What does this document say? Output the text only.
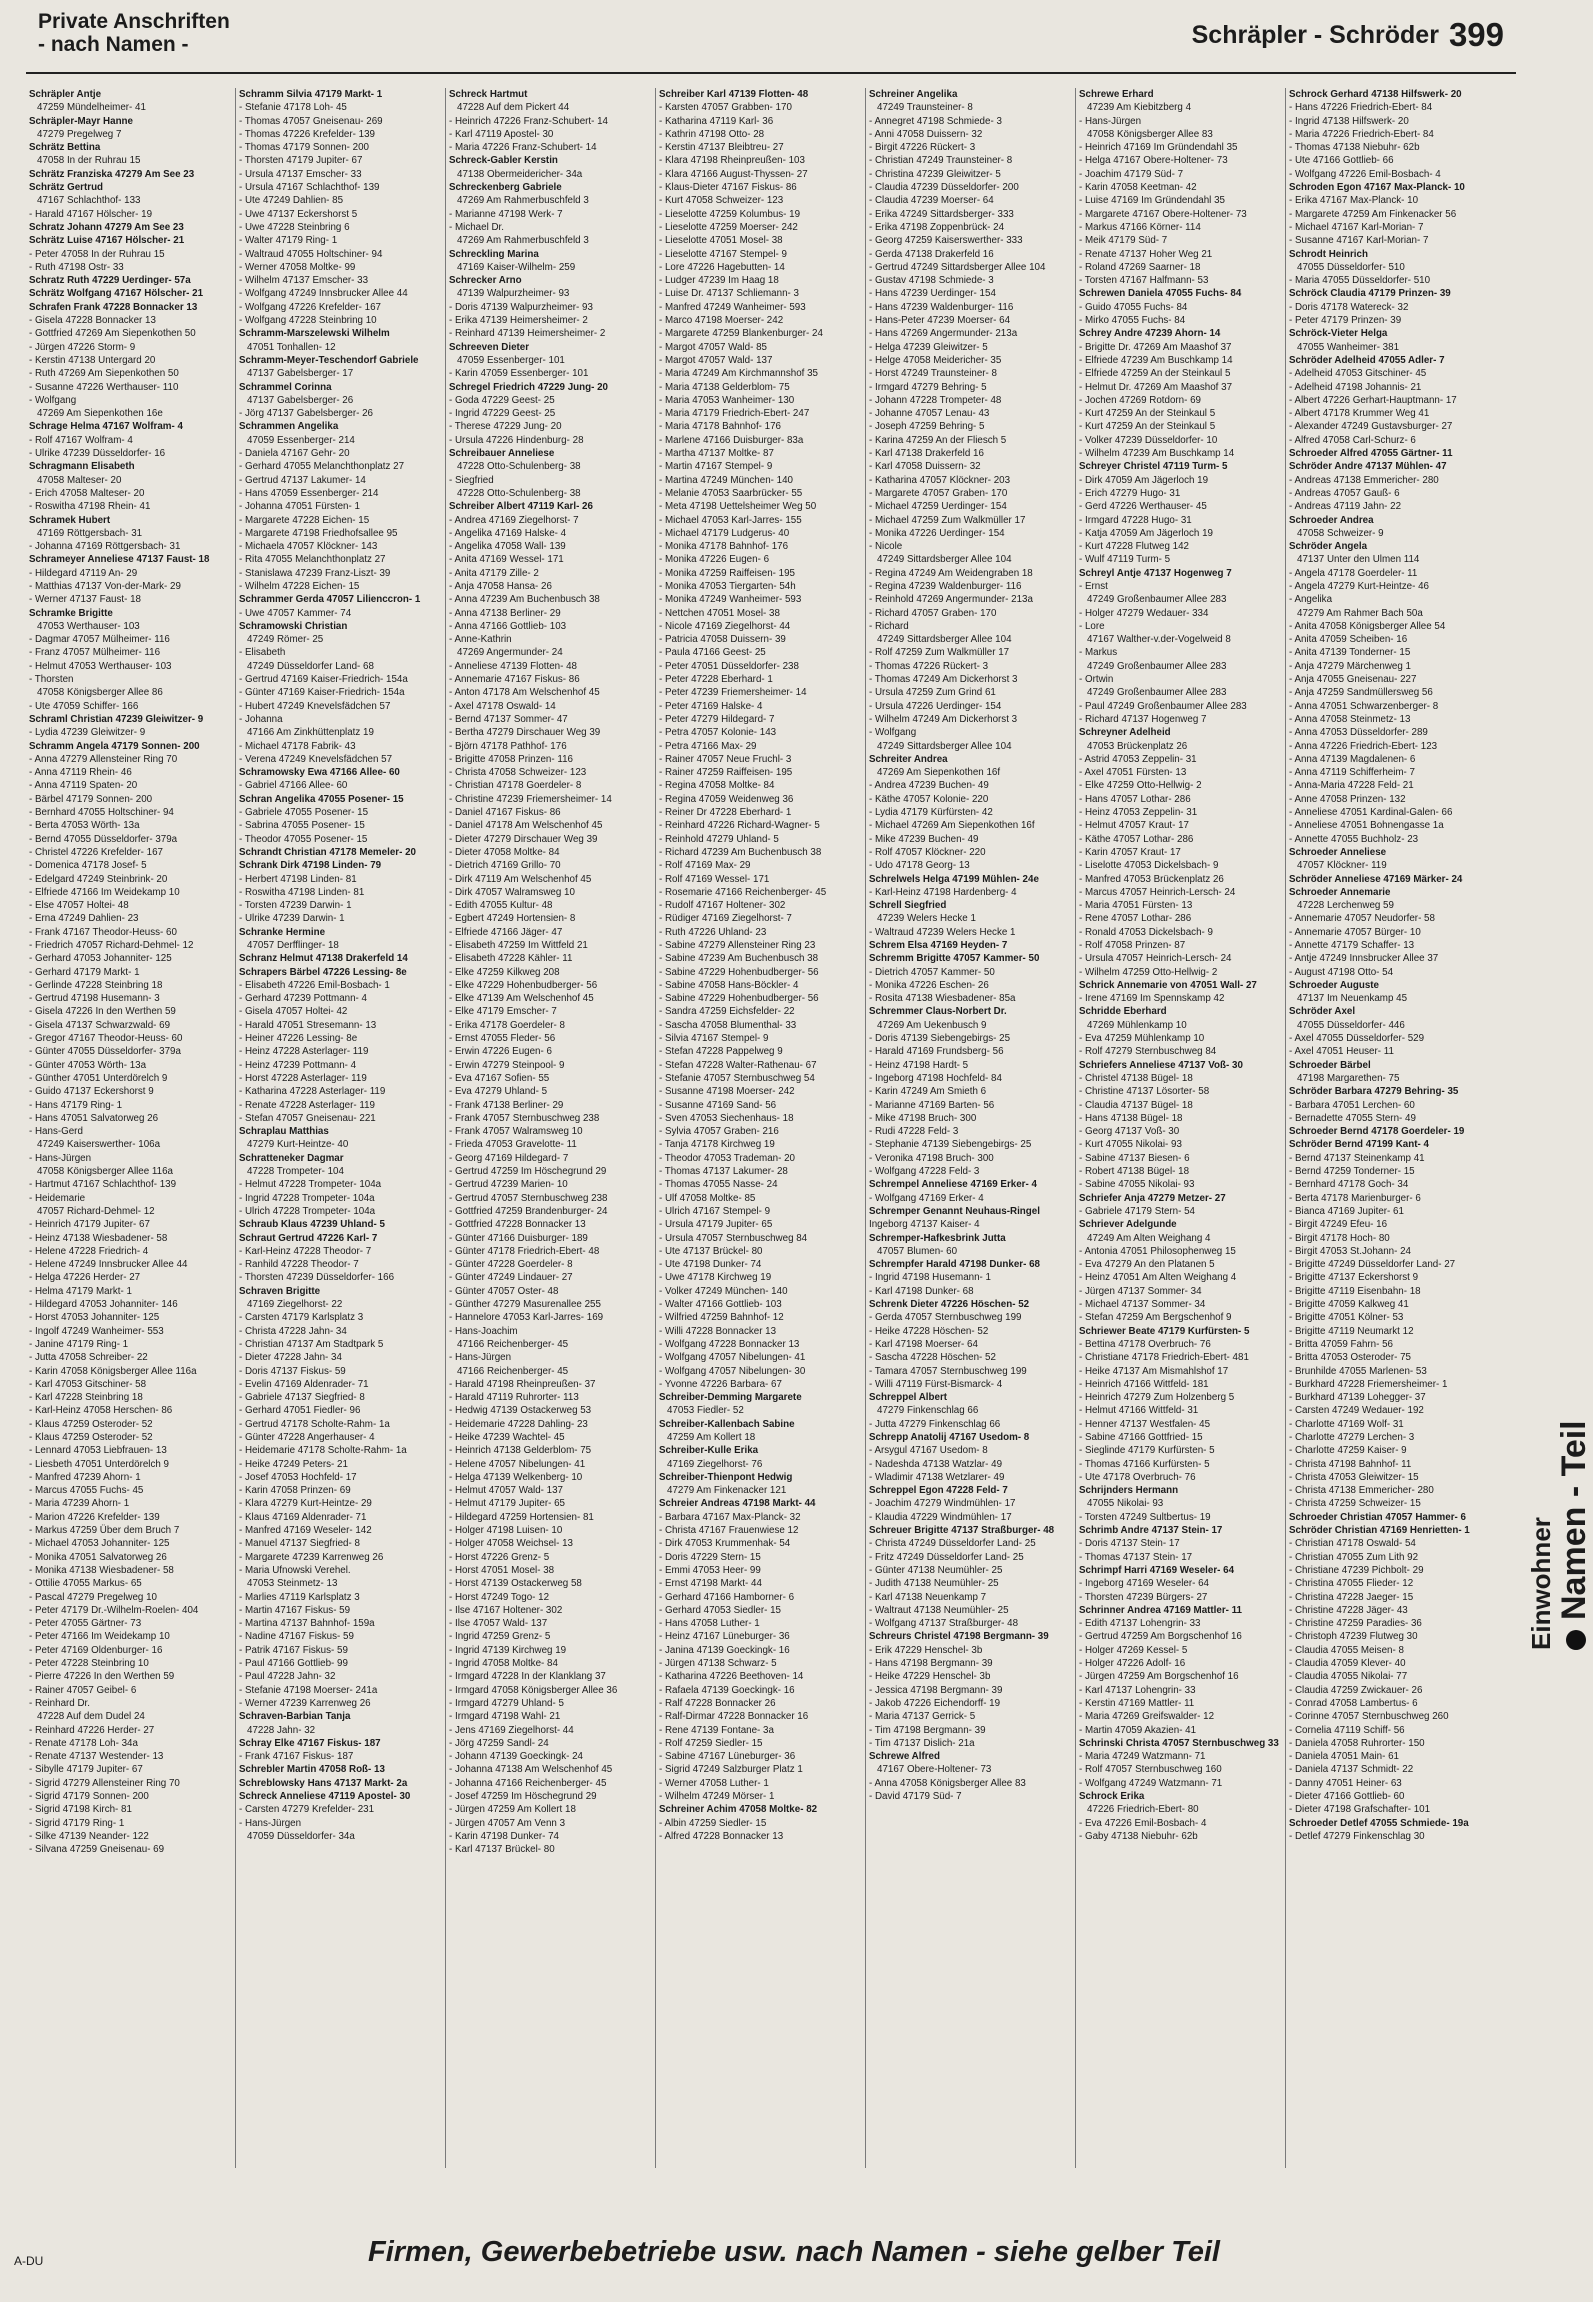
Private Anschriften
- nach Namen -	Schräpler - Schröder 399
Schräpler Antje
47259 Mündelheimer- 41
Schräpler-Mayr Hanne
47279 Pregelweg 7
Schrätz Bettina
47058 In der Ruhrau 15
Schrätz Franziska 47279 Am See 23
Schrätz Gertrud
47167 Schlachthof- 133
- Harald 47167 Hölscher- 19
Schratz Johann 47279 Am See 23
Schrätz Luise 47167 Hölscher- 21
- Peter 47058 In der Ruhrau 15
- Ruth 47198 Ostr- 33
Schratz Ruth 47229 Uerdinger- 57a
Schrätz Wolfgang 47167 Hölscher- 21
Schrafen Frank 47228 Bonnacker 13
- Gisela 47228 Bonnacker 13
- Gottfried 47269 Am Siepenkothen 50
- Jürgen 47226 Storm- 9
- Kerstin 47138 Untergard 20
- Ruth 47269 Am Siepenkothen 50
- Susanne 47226 Werthauser- 110
- Wolfgang
47269 Am Siepenkothen 16e
Schrage Helma 47167 Wolfram- 4
- Rolf 47167 Wolfram- 4
- Ulrike 47239 Düsseldorfer- 16
Schragmann Elisabeth
47058 Malteser- 20
- Erich 47058 Malteser- 20
- Roswitha 47198 Rhein- 41
Schramek Hubert
47169 Röttgersbach- 31
- Johanna 47169 Röttgersbach- 31
Schrameyer Anneliese 47137 Faust- 18
- Hildegard 47119 An- 29
- Matthias 47137 Von-der-Mark- 29
- Werner 47137 Faust- 18
Schramke Brigitte
47053 Werthauser- 103
- Dagmar 47057 Mülheimer- 116
- Franz 47057 Mülheimer- 116
- Helmut 47053 Werthauser- 103
- Thorsten
47058 Königsberger Allee 86
- Ute 47059 Schiffer- 166
Schraml Christian 47239 Gleiwitzer- 9
- Lydia 47239 Gleiwitzer- 9
Schramm Angela 47179 Sonnen- 200
- Anna 47279 Allensteiner Ring 70
- Anna 47119 Rhein- 46
- Anna 47119 Spaten- 20
- Bärbel 47179 Sonnen- 200
- Bernhard 47055 Holtschiner- 94
- Berta 47053 Wörth- 13a
- Bernd 47055 Düsseldorfer- 379a
- Christel 47226 Krefelder- 167
- Domenica 47178 Josef- 5
- Edelgard 47249 Steinbrink- 20
- Elfriede 47166 Im Weidekamp 10
- Else 47057 Holtei- 48
- Erna 47249 Dahlien- 23
- Frank 47167 Theodor-Heuss- 60
- Friedrich 47057 Richard-Dehmel- 12
- Gerhard 47053 Johanniter- 125
- Gerhard 47179 Markt- 1
- Gerlinde 47228 Steinbring 18
- Gertrud 47198 Husemann- 3
- Gisela 47226 In den Werthen 59
- Gisela 47137 Schwarzwald- 69
- Gregor 47167 Theodor-Heuss- 60
- Günter 47055 Düsseldorfer- 379a
- Günter 47053 Wörth- 13a
- Günther 47051 Unterdörelch 9
- Guido 47137 Eckershorst 9
- Hans 47179 Ring- 1
- Hans 47051 Salvatorweg 26
- Hans-Gerd
47249 Kaiserswerther- 106a
- Hans-Jürgen
47058 Königsberger Allee 116a
- Hartmut 47167 Schlachthof- 139
- Heidemarie
47057 Richard-Dehmel- 12
- Heinrich 47179 Jupiter- 67
- Heinz 47138 Wiesbadener- 58
- Helene 47228 Friedrich- 4
- Helene 47249 Innsbrucker Allee 44
- Helga 47226 Herder- 27
- Helma 47179 Markt- 1
- Hildegard 47053 Johanniter- 146
- Horst 47053 Johanniter- 125
- Ingolf 47249 Wanheimer- 553
- Janine 47179 Ring- 1
- Jutta 47058 Schreiber- 22
- Karin 47058 Königsberger Allee 116a
- Karl 47053 Gitschiner- 58
- Karl 47228 Steinbring 18
- Karl-Heinz 47058 Herschen- 86
- Klaus 47259 Osteroder- 52
- Klaus 47259 Osteroder- 52
- Lennard 47053 Liebfrauen- 13
- Liesbeth 47051 Unterdörelch 9
- Manfred 47239 Ahorn- 1
- Marcus 47055 Fuchs- 45
- Maria 47239 Ahorn- 1
- Marion 47226 Krefelder- 139
- Markus 47259 Über dem Bruch 7
- Michael 47053 Johanniter- 125
- Monika 47051 Salvatorweg 26
- Monika 47138 Wiesbadener- 58
- Ottilie 47055 Markus- 65
- Pascal 47279 Pregelweg 10
- Peter 47179 Dr.-Wilhelm-Roelen- 404
- Peter 47055 Gärtner- 73
- Peter 47166 Im Weidekamp 10
- Peter 47169 Oldenburger- 16
- Peter 47228 Steinbring 10
- Pierre 47226 In den Werthen 59
- Rainer 47057 Geibel- 6
- Reinhard Dr.
47228 Auf dem Dudel 24
- Reinhard 47226 Herder- 27
- Renate 47178 Loh- 34a
- Renate 47137 Westender- 13
- Sibylle 47179 Jupiter- 67
- Sigrid 47279 Allensteiner Ring 70
- Sigrid 47179 Sonnen- 200
- Sigrid 47198 Kirch- 81
- Sigrid 47179 Ring- 1
- Silke 47139 Neander- 122
- Silvana 47259 Gneisenau- 69
Schramm Silvia 47179 Markt- 1
- Stefanie 47178 Loh- 45
- Thomas 47057 Gneisenau- 269
- Thomas 47226 Krefelder- 139
- Thomas 47179 Sonnen- 200
- Thorsten 47179 Jupiter- 67
- Ursula 47137 Emscher- 33
- Ursula 47167 Schlachthof- 139
- Ute 47249 Dahlien- 85
- Uwe 47137 Eckershorst 5
- Uwe 47228 Steinbring 6
- Walter 47179 Ring- 1
- Waltraud 47055 Holtschiner- 94
- Werner 47058 Moltke- 99
- Wilhelm 47137 Emscher- 33
- Wolfgang 47249 Innsbrucker Allee 44
- Wolfgang 47226 Krefelder- 167
- Wolfgang 47228 Steinbring 10
Schramm-Marszelewski Wilhelm
47051 Tonhallen- 12
Schramm-Meyer-Teschendorf Gabriele
47137 Gabelsberger- 17
Schrammel Corinna
47137 Gabelsberger- 26
- Jörg 47137 Gabelsberger- 26
Schrammen Angelika
47059 Essenberger- 214
- Daniela 47167 Gehr- 20
- Gerhard 47055 Melanchthonplatz 27
- Gertrud 47137 Lakumer- 14
- Hans 47059 Essenberger- 214
- Johanna 47051 Fürsten- 1
- Margarete 47228 Eichen- 15
- Margarete 47198 Friedhofsallee 95
- Michaela 47057 Klöckner- 143
- Rita 47055 Melanchthonplatz 27
- Stanislawa 47239 Franz-Liszt- 39
- Wilhelm 47228 Eichen- 15
Schrammer Gerda 47057 Lilienccron- 1
- Uwe 47057 Kammer- 74
Schramowski Christian
47249 Römer- 25
- Elisabeth
47249 Düsseldorfer Land- 68
- Gertrud 47169 Kaiser-Friedrich- 154a
- Günter 47169 Kaiser-Friedrich- 154a
- Hubert 47249 Knevelsfädchen 57
- Johanna
47166 Am Zinkhüttenplatz 19
- Michael 47178 Fabrik- 43
- Verena 47249 Knevelsfädchen 57
Schramowsky Ewa 47166 Allee- 60
- Gabriel 47166 Allee- 60
Schran Angelika 47055 Posener- 15
- Gabriele 47055 Posener- 15
- Sabrina 47055 Posener- 15
- Theodor 47055 Posener- 15
Schrandt Christian 47178 Memeler- 20
Schrank Dirk 47198 Linden- 79
- Herbert 47198 Linden- 81
- Roswitha 47198 Linden- 81
- Torsten 47239 Darwin- 1
- Ulrike 47239 Darwin- 1
Schranke Hermine
47057 Derfflinger- 18
Schranz Helmut 47138 Drakerfeld 14
Schrapers Bärbel 47226 Lessing- 8e
- Elisabeth 47226 Emil-Bosbach- 1
- Gerhard 47239 Pottmann- 4
- Gisela 47057 Holtei- 42
- Harald 47051 Stresemann- 13
- Heiner 47226 Lessing- 8e
- Heinz 47228 Asterlager- 119
- Heinz 47239 Pottmann- 4
- Horst 47228 Asterlager- 119
- Katharina 47228 Asterlager- 119
- Renate 47228 Asterlager- 119
- Stefan 47057 Gneisenau- 221
Schraplau Matthias
47279 Kurt-Heintze- 40
Schratteneker Dagmar
47228 Trompeter- 104
- Helmut 47228 Trompeter- 104a
- Ingrid 47228 Trompeter- 104a
- Ulrich 47228 Trompeter- 104a
Schraub Klaus 47239 Uhland- 5
Schraut Gertrud 47226 Karl- 7
- Karl-Heinz 47228 Theodor- 7
- Ranhild 47228 Theodor- 7
- Thorsten 47239 Düsseldorfer- 166
Schraven Brigitte
47169 Ziegelhorst- 22
- Carsten 47179 Karlsplatz 3
- Christa 47228 Jahn- 34
- Christian 47137 Am Stadtpark 5
- Dieter 47228 Jahn- 34
- Doris 47137 Fiskus- 59
- Evelin 47169 Aldenrader- 71
- Gabriele 47137 Siegfried- 8
- Gerhard 47051 Fiedler- 96
- Gertrud 47178 Scholte-Rahm- 1a
- Günter 47228 Angerhauser- 4
- Heidemarie 47178 Scholte-Rahm- 1a
- Heike 47249 Peters- 21
- Josef 47053 Hochfeld- 17
- Karin 47058 Prinzen- 69
- Klara 47279 Kurt-Heintze- 29
- Klaus 47169 Aldenrader- 71
- Manfred 47169 Weseler- 142
- Manuel 47137 Siegfried- 8
- Margarete 47239 Karrenweg 26
- Maria Ufnowski Verehel.
47053 Steinmetz- 13
- Marlies 47119 Karlsplatz 3
- Martin 47167 Fiskus- 59
- Martina 47137 Bahnhof- 159a
- Nadine 47167 Fiskus- 59
- Patrik 47167 Fiskus- 59
- Paul 47166 Gottlieb- 99
- Paul 47228 Jahn- 32
- Stefanie 47198 Moerser- 241a
- Werner 47239 Karrenweg 26
Schraven-Barbian Tanja
47228 Jahn- 32
Schray Elke 47167 Fiskus- 187
- Frank 47167 Fiskus- 187
Schrebler Martin 47058 Roß- 13
Schreblowsky Hans 47137 Markt- 2a
Schreck Anneliese 47119 Apostel- 30
- Carsten 47279 Krefelder- 231
- Hans-Jürgen
47059 Düsseldorfer- 34a
Schreck Hartmut
47228 Auf dem Pickert 44
- Heinrich 47226 Franz-Schubert- 14
- Karl 47119 Apostel- 30
- Maria 47226 Franz-Schubert- 14
Schreck-Gabler Kerstin
47138 Obermeidericher- 34a
Schreckenberg Gabriele
47269 Am Rahmerbuschfeld 3
- Marianne 47198 Werk- 7
- Michael Dr.
47269 Am Rahmerbuschfeld 3
Schreckling Marina
47169 Kaiser-Wilhelm- 259
Schrecker Arno
47139 Walpurzheimer- 93
- Doris 47139 Walpurzheimer- 93
- Erika 47139 Heimersheimer- 2
- Reinhard 47139 Heimersheimer- 2
Schreeven Dieter
47059 Essenberger- 101
- Karin 47059 Essenberger- 101
Schregel Friedrich 47229 Jung- 20
- Goda 47229 Geest- 25
- Ingrid 47229 Geest- 25
- Therese 47229 Jung- 20
- Ursula 47226 Hindenburg- 28
Schreibauer Anneliese
47228 Otto-Schulenberg- 38
- Siegfried
47228 Otto-Schulenberg- 38
Schreiber Albert 47119 Karl- 26
- Andrea 47169 Ziegelhorst- 7
- Angelika 47169 Halske- 4
- Angelika 47058 Wall- 139
- Anita 47169 Wessel- 171
- Anita 47179 Zille- 2
- Anja 47058 Hansa- 26
- Anna 47239 Am Buchenbusch 38
- Anna 47138 Berliner- 29
- Anna 47166 Gottlieb- 103
- Anne-Kathrin
47269 Angermunder- 24
- Anneliese 47139 Flotten- 48
- Annemarie 47167 Fiskus- 86
- Anton 47178 Am Welschenhof 45
- Axel 47178 Oswald- 14
- Bernd 47137 Sommer- 47
- Bertha 47279 Dirschauer Weg 39
- Björn 47178 Pathhof- 176
- Brigitte 47058 Prinzen- 116
- Christa 47058 Schweizer- 123
- Christian 47178 Goerdeler- 8
- Christine 47239 Friemersheimer- 14
- Daniel 47167 Fiskus- 86
- Daniel 47178 Am Welschenhof 45
- Dieter 47279 Dirschauer Weg 39
- Dieter 47058 Moltke- 84
- Dietrich 47169 Grillo- 70
- Dirk 47119 Am Welschenhof 45
- Dirk 47057 Walramsweg 10
- Edith 47055 Kultur- 48
- Egbert 47249 Hortensien- 8
- Elfriede 47166 Jäger- 47
- Elisabeth 47259 Im Wittfeld 21
- Elisabeth 47228 Kähler- 11
- Elke 47259 Kilkweg 208
- Elke 47229 Hohenbudberger- 56
- Elke 47139 Am Welschenhof 45
- Elke 47179 Emscher- 7
- Erika 47178 Goerdeler- 8
- Ernst 47055 Fleder- 56
- Erwin 47226 Eugen- 6
- Erwin 47279 Steinpool- 9
- Eva 47167 Sofien- 55
- Eva 47279 Uhland- 5
- Frank 47138 Berliner- 29
- Frank 47057 Sternbuschweg 238
- Frank 47057 Walramsweg 10
- Frieda 47053 Gravelotte- 11
- Georg 47169 Hildegard- 7
- Gertrud 47259 Im Höschegrund 29
- Gertrud 47239 Marien- 10
- Gertrud 47057 Sternbuschweg 238
- Gottfried 47259 Brandenburger- 24
- Gottfried 47228 Bonnacker 13
- Günter 47166 Duisburger- 189
- Günter 47178 Friedrich-Ebert- 48
- Günter 47228 Goerdeler- 8
- Günter 47249 Lindauer- 27
- Günter 47057 Oster- 48
- Günther 47279 Masurenallee 255
- Hannelore 47053 Karl-Jarres- 169
- Hans-Joachim
47166 Reichenberger- 45
- Hans-Jürgen
47166 Reichenberger- 45
- Harald 47198 Rheinpreußen- 37
- Harald 47119 Ruhrorter- 113
- Hedwig 47139 Ostackerweg 53
- Heidemarie 47228 Dahling- 23
- Heike 47239 Wachtel- 45
- Heinrich 47138 Gelderblom- 75
- Helene 47057 Nibelungen- 41
- Helga 47139 Welkenberg- 10
- Helmut 47057 Wald- 137
- Helmut 47179 Jupiter- 65
- Hildegard 47259 Hortensien- 81
- Holger 47198 Luisen- 10
- Holger 47058 Weichsel- 13
- Horst 47226 Grenz- 5
- Horst 47051 Mosel- 38
- Horst 47139 Ostackerweg 58
- Horst 47249 Togo- 12
- Ilse 47167 Holtener- 302
- Ilse 47057 Wald- 137
- Ingrid 47259 Grenz- 5
- Ingrid 47139 Kirchweg 19
- Ingrid 47058 Moltke- 84
- Irmgard 47228 In der Klanklang 37
- Irmgard 47058 Königsberger Allee 36
- Irmgard 47279 Uhland- 5
- Irmgard 47198 Wahl- 21
- Jens 47169 Ziegelhorst- 44
- Jörg 47259 Sandl- 24
- Johann 47139 Goeckingk- 24
- Johanna 47138 Am Welschenhof 45
- Johanna 47166 Reichenberger- 45
- Josef 47259 Im Höschegrund 29
- Jürgen 47259 Am Kollert 18
- Jürgen 47057 Am Venn 3
- Karin 47198 Dunker- 74
- Karl 47137 Brückel- 80
Schreiber Karl 47139 Flotten- 48
- Karsten 47057 Grabben- 170
- Katharina 47119 Karl- 36
- Kathrin 47198 Otto- 28
- Kerstin 47137 Bleibtreu- 27
- Klara 47198 Rheinpreußen- 103
- Klara 47166 August-Thyssen- 27
- Klaus-Dieter 47167 Fiskus- 86
- Kurt 47058 Schweizer- 123
- Lieselotte 47259 Kolumbus- 19
- Lieselotte 47259 Moerser- 242
- Lieselotte 47051 Mosel- 38
- Lieselotte 47167 Stempel- 9
- Lore 47226 Hagebutten- 14
- Ludger 47239 Im Haag 18
- Luise Dr. 47137 Schliemann- 3
- Manfred 47249 Wanheimer- 593
- Marco 47198 Moerser- 242
- Margarete 47259 Blankenburger- 24
- Margot 47057 Wald- 85
- Margot 47057 Wald- 137
- Maria 47249 Am Kirchmannshof 35
- Maria 47138 Gelderblom- 75
- Maria 47053 Wanheimer- 130
- Maria 47179 Friedrich-Ebert- 247
- Maria 47178 Bahnhof- 176
- Marlene 47166 Duisburger- 83a
- Martha 47137 Moltke- 87
- Martin 47167 Stempel- 9
- Martina 47249 München- 140
- Melanie 47053 Saarbrücker- 55
- Meta 47198 Uettelsheimer Weg 50
- Michael 47053 Karl-Jarres- 155
- Michael 47179 Ludgerus- 40
- Monika 47178 Bahnhof- 176
- Monika 47226 Eugen- 6
- Monika 47259 Raiffeisen- 195
- Monika 47053 Tiergarten- 54h
- Monika 47249 Wanheimer- 593
- Nettchen 47051 Mosel- 38
- Nicole 47169 Ziegelhorst- 44
- Patricia 47058 Duissern- 39
- Paula 47166 Geest- 25
- Peter 47051 Düsseldorfer- 238
- Peter 47228 Eberhard- 1
- Peter 47239 Friemersheimer- 14
- Peter 47169 Halske- 4
- Peter 47279 Hildegard- 7
- Petra 47057 Kolonie- 143
- Petra 47166 Max- 29
- Rainer 47057 Neue Fruchl- 3
- Rainer 47259 Raiffeisen- 195
- Regina 47058 Moltke- 84
- Regina 47059 Weidenweg 36
- Reiner Dr 47228 Eberhard- 1
- Reinhard 47226 Richard-Wagner- 5
- Reinhold 47279 Uhland- 5
- Richard 47239 Am Buchenbusch 38
- Rolf 47169 Max- 29
- Rolf 47169 Wessel- 171
- Rosemarie 47166 Reichenberger- 45
- Rudolf 47167 Holtener- 302
- Rüdiger 47169 Ziegelhorst- 7
- Ruth 47226 Uhland- 23
- Sabine 47279 Allensteiner Ring 23
- Sabine 47239 Am Buchenbusch 38
- Sabine 47229 Hohenbudberger- 56
- Sabine 47058 Hans-Böckler- 4
- Sabine 47229 Hohenbudberger- 56
- Sandra 47259 Eichsfelder- 22
- Sascha 47058 Blumenthal- 33
- Silvia 47167 Stempel- 9
- Stefan 47228 Pappelweg 9
- Stefan 47228 Walter-Rathenau- 67
- Stefanie 47057 Sternbuschweg 54
- Susanne 47198 Moerser- 242
- Susanne 47169 Sand- 56
- Sven 47053 Siechenhaus- 18
- Sylvia 47057 Graben- 216
- Tanja 47178 Kirchweg 19
- Theodor 47053 Trademan- 20
- Thomas 47137 Lakumer- 28
- Thomas 47055 Nasse- 24
- Ulf 47058 Moltke- 85
- Ulrich 47167 Stempel- 9
- Ursula 47179 Jupiter- 65
- Ursula 47057 Sternbuschweg 84
- Ute 47137 Brückel- 80
- Ute 47198 Dunker- 74
- Uwe 47178 Kirchweg 19
- Volker 47249 München- 140
- Walter 47166 Gottlieb- 103
- Wilfried 47259 Bahnhof- 12
- Willi 47228 Bonnacker 13
- Wolfgang 47228 Bonnacker 13
- Wolfgang 47057 Nibelungen- 41
- Wolfgang 47057 Nibelungen- 30
- Yvonne 47226 Barbara- 67
Schreiber-Demming Margarete
47053 Fiedler- 52
Schreiber-Kallenbach Sabine
47259 Am Kollert 18
Schreiber-Kulle Erika
47169 Ziegelhorst- 76
Schreiber-Thienpont Hedwig
47279 Am Finkenacker 121
Schreier Andreas 47198 Markt- 44
- Barbara 47167 Max-Planck- 32
- Christa 47167 Frauenwiese 12
- Dirk 47053 Krummenhak- 54
- Doris 47229 Stern- 15
- Emmi 47053 Heer- 99
- Ernst 47198 Markt- 44
- Gerhard 47166 Hamborner- 6
- Gerhard 47053 Siedler- 15
- Hans 47058 Luther- 1
- Heinz 47167 Lüneburger- 36
- Janina 47139 Goeckingk- 16
- Jürgen 47138 Schwarz- 5
- Katharina 47226 Beethoven- 14
- Rafaela 47139 Goeckingk- 16
- Ralf 47228 Bonnacker 26
- Ralf-Dirmar 47228 Bonnacker 16
- Rene 47139 Fontane- 3a
- Rolf 47259 Siedler- 15
- Sabine 47167 Lüneburger- 36
- Sigrid 47249 Salzburger Platz 1
- Werner 47058 Luther- 1
- Wilhelm 47249 Mörser- 1
Schreiner Achim 47058 Moltke- 82
- Albin 47259 Siedler- 15
- Alfred 47228 Bonnacker 13
Schreiner Angelika
47249 Traunsteiner- 8
- Annegret 47198 Schmiede- 3
- Anni 47058 Duissern- 32
- Birgit 47226 Rückert- 3
- Christian 47249 Traunsteiner- 8
- Christina 47239 Gleiwitzer- 5
- Claudia 47239 Düsseldorfer- 200
- Claudia 47239 Moerser- 64
- Erika 47249 Sittardsberger- 333
- Erika 47198 Zoppenbrück- 24
- Georg 47259 Kaiserswerther- 333
- Gerda 47138 Drakerfeld 16
- Gertrud 47249 Sittardsberger Allee 104
- Gustav 47198 Schmiede- 3
- Hans 47239 Uerdinger- 154
- Hans 47239 Waldenburger- 116
- Hans-Peter 47239 Moerser- 64
- Hans 47269 Angermunder- 213a
- Helga 47239 Gleiwitzer- 5
- Helge 47058 Meidericher- 35
- Horst 47249 Traunsteiner- 8
- Irmgard 47279 Behring- 5
- Johann 47228 Trompeter- 48
- Johanne 47057 Lenau- 43
- Joseph 47259 Behring- 5
- Karina 47259 An der Fliesch 5
- Karl 47138 Drakerfeld 16
- Karl 47058 Duissern- 32
- Katharina 47057 Klöckner- 203
- Margarete 47057 Graben- 170
- Michael 47259 Uerdinger- 154
- Michael 47259 Zum Walkmüller 17
- Monika 47226 Uerdinger- 154
- Nicole
47249 Sittardsberger Allee 104
- Regina 47249 Am Weidengraben 18
- Regina 47239 Waldenburger- 116
- Reinhold 47269 Angermunder- 213a
- Richard 47057 Graben- 170
- Richard
47249 Sittardsberger Allee 104
- Rolf 47259 Zum Walkmüller 17
- Thomas 47226 Rückert- 3
- Thomas 47249 Am Dickerhorst 3
- Ursula 47259 Zum Grind 61
- Ursula 47226 Uerdinger- 154
- Wilhelm 47249 Am Dickerhorst 3
- Wolfgang
47249 Sittardsberger Allee 104
Schreiter Andrea
47269 Am Siepenkothen 16f
- Andrea 47239 Buchen- 49
- Käthe 47057 Kolonie- 220
- Lydia 47179 Kürfürsten- 42
- Michael 47269 Am Siepenkothen 16f
- Mike 47239 Buchen- 49
- Rolf 47057 Klöckner- 220
- Udo 47178 Georg- 13
Schrelwels Helga 47199 Mühlen- 24e
- Karl-Heinz 47198 Hardenberg- 4
Schrell Siegfried
47239 Welers Hecke 1
- Waltraud 47239 Welers Hecke 1
Schrem Elsa 47169 Heyden- 7
Schremm Brigitte 47057 Kammer- 50
- Dietrich 47057 Kammer- 50
- Monika 47226 Eschen- 26
- Rosita 47138 Wiesbadener- 85a
Schremmer Claus-Norbert Dr.
47269 Am Uekenbusch 9
- Doris 47139 Siebengebirgs- 25
- Harald 47169 Frundsberg- 56
- Heinz 47198 Hardt- 5
- Ingeborg 47198 Hochfeld- 84
- Karin 47249 Am Smieth 6
- Marianne 47169 Barten- 56
- Mike 47198 Bruch- 300
- Rudi 47228 Feld- 3
- Stephanie 47139 Siebengebirgs- 25
- Veronika 47198 Bruch- 300
- Wolfgang 47228 Feld- 3
Schrempel Anneliese 47169 Erker- 4
- Wolfgang 47169 Erker- 4
Schremper Genannt Neuhaus-Ringel
Ingeborg 47137 Kaiser- 4
Schremper-Hafkesbrink Jutta
47057 Blumen- 60
Schrempfer Harald 47198 Dunker- 68
- Ingrid 47198 Husemann- 1
- Karl 47198 Dunker- 68
Schrenk Dieter 47226 Höschen- 52
- Gerda 47057 Sternbuschweg 199
- Heike 47228 Höschen- 52
- Karl 47198 Moerser- 64
- Sascha 47228 Höschen- 52
- Tamara 47057 Sternbuschweg 199
- Willi 47119 Fürst-Bismarck- 4
Schreppel Albert
47279 Finkenschlag 66
- Jutta 47279 Finkenschlag 66
Schrepp Anatolij 47167 Usedom- 8
- Arsygul 47167 Usedom- 8
- Nadeshda 47138 Watzlar- 49
- Wladimir 47138 Wetzlarer- 49
Schreppel Egon 47228 Feld- 7
- Joachim 47279 Windmühlen- 17
- Klaudia 47229 Windmühlen- 17
Schreuer Brigitte 47137 Straßburger- 48
- Christa 47249 Düsseldorfer Land- 25
- Fritz 47249 Düsseldorfer Land- 25
- Günter 47138 Neumühler- 25
- Judith 47138 Neumühler- 25
- Karl 47138 Neuenkamp 7
- Waltraut 47138 Neumühler- 25
- Wolfgang 47137 Straßburger- 48
Schreurs Christel 47198 Bergmann- 39
- Erik 47229 Henschel- 3b
- Hans 47198 Bergmann- 39
- Heike 47229 Henschel- 3b
- Jessica 47198 Bergmann- 39
- Jakob 47226 Eichendorff- 19
- Maria 47137 Gerrick- 5
- Tim 47198 Bergmann- 39
- Tim 47137 Dislich- 21a
Schrewe Alfred
47167 Obere-Holtener- 73
- Anna 47058 Königsberger Allee 83
- David 47179 Süd- 7
Schrewe Erhard
47239 Am Kiebitzberg 4
- Hans-Jürgen
47058 Königsberger Allee 83
- Heinrich 47169 Im Gründendahl 35
- Helga 47167 Obere-Holtener- 73
- Joachim 47179 Süd- 7
- Karin 47058 Keetman- 42
- Luise 47169 Im Gründendahl 35
- Margarete 47167 Obere-Holtener- 73
- Markus 47166 Körner- 114
- Meik 47179 Süd- 7
- Renate 47137 Hoher Weg 21
- Roland 47269 Saarner- 18
- Torsten 47167 Halfmann- 53
Schrewen Daniela 47055 Fuchs- 84
- Guido 47055 Fuchs- 84
- Mirko 47055 Fuchs- 84
Schrey Andre 47239 Ahorn- 14
- Brigitte Dr. 47269 Am Maashof 37
- Elfriede 47239 Am Buschkamp 14
- Elfriede 47259 An der Steinkaul 5
- Helmut Dr. 47269 Am Maashof 37
- Jochen 47269 Rotdorn- 69
- Kurt 47259 An der Steinkaul 5
- Kurt 47259 An der Steinkaul 5
- Volker 47239 Düsseldorfer- 10
- Wilhelm 47239 Am Buschkamp 14
Schreyer Christel 47119 Turm- 5
- Dirk 47059 Am Jägerloch 19
- Erich 47279 Hugo- 31
- Gerd 47226 Werthauser- 45
- Irmgard 47228 Hugo- 31
- Katja 47059 Am Jägerloch 19
- Kurt 47228 Flutweg 142
- Wulf 47119 Turm- 5
Schreyl Antje 47137 Hogenweg 7
- Ernst
47249 Großenbaumer Allee 283
- Holger 47279 Wedauer- 334
- Lore
47167 Walther-v.der-Vogelweid 8
- Markus
47249 Großenbaumer Allee 283
- Ortwin
47249 Großenbaumer Allee 283
- Paul 47249 Großenbaumer Allee 283
- Richard 47137 Hogenweg 7
Schreyner Adelheid
47053 Brückenplatz 26
- Astrid 47053 Zeppelin- 31
- Axel 47051 Fürsten- 13
- Elke 47259 Otto-Hellwig- 2
- Hans 47057 Lothar- 286
- Heinz 47053 Zeppelin- 31
- Helmut 47057 Kraut- 17
- Käthe 47057 Lothar- 286
- Karin 47057 Kraut- 17
- Liselotte 47053 Dickelsbach- 9
- Manfred 47053 Brückenplatz 26
- Marcus 47057 Heinrich-Lersch- 24
- Maria 47051 Fürsten- 13
- Rene 47057 Lothar- 286
- Ronald 47053 Dickelsbach- 9
- Rolf 47058 Prinzen- 87
- Ursula 47057 Heinrich-Lersch- 24
- Wilhelm 47259 Otto-Hellwig- 2
Schrick Annemarie von 47051 Wall- 27
- Irene 47169 Im Spennskamp 42
Schridde Eberhard
47269 Mühlenkamp 10
- Eva 47259 Mühlenkamp 10
- Rolf 47279 Sternbuschweg 84
Schriefers Anneliese 47137 Voß- 30
- Christel 47138 Bügel- 18
- Christine 47137 Lösorter- 58
- Claudia 47137 Bügel- 18
- Hans 47138 Bügel- 18
- Georg 47137 Voß- 30
- Kurt 47055 Nikolai- 93
- Sabine 47137 Biesen- 6
- Robert 47138 Bügel- 18
- Sabine 47055 Nikolai- 93
Schriefer Anja 47279 Metzer- 27
- Gabriele 47179 Stern- 54
Schriever Adelgunde
47249 Am Alten Weighang 4
- Antonia 47051 Philosophenweg 15
- Eva 47279 An den Platanen 5
- Heinz 47051 Am Alten Weighang 4
- Jürgen 47137 Sommer- 34
- Michael 47137 Sommer- 34
- Stefan 47259 Am Bergschenhof 9
Schriewer Beate 47179 Kurfürsten- 5
- Bettina 47178 Overbruch- 76
- Christiane 47178 Friedrich-Ebert- 481
- Heike 47137 Am Mismahlshof 17
- Heinrich 47166 Wittfeld- 181
- Heinrich 47279 Zum Holzenberg 5
- Helmut 47166 Wittfeld- 31
- Henner 47137 Westfalen- 45
- Sabine 47166 Gottfried- 15
- Sieglinde 47179 Kurfürsten- 5
- Thomas 47166 Kurfürsten- 5
- Ute 47178 Overbruch- 76
Schrijnders Hermann
47055 Nikolai- 93
- Torsten 47249 Sultbertus- 19
Schrimb Andre 47137 Stein- 17
- Doris 47137 Stein- 17
- Thomas 47137 Stein- 17
Schrimpf Harri 47169 Weseler- 64
- Ingeborg 47169 Weseler- 64
- Thorsten 47239 Bürgers- 27
Schrinner Andrea 47169 Mattler- 11
- Edith 47137 Lohengrin- 33
- Gertrud 47259 Am Borgschenhof 16
- Holger 47269 Kessel- 5
- Holger 47226 Adolf- 16
- Jürgen 47259 Am Borgschenhof 16
- Karl 47137 Lohengrin- 33
- Kerstin 47169 Mattler- 11
- Maria 47269 Greifswalder- 12
- Martin 47059 Akazien- 41
Schrinski Christa 47057 Sternbuschweg 33
- Maria 47249 Watzmann- 71
- Rolf 47057 Sternbuschweg 160
- Wolfgang 47249 Watzmann- 71
Schrock Erika
47226 Friedrich-Ebert- 80
- Eva 47226 Emil-Bosbach- 4
- Gaby 47138 Niebuhr- 62b
Schrock Gerhard 47138 Hilfswerk- 20
- Hans 47226 Friedrich-Ebert- 84
- Ingrid 47138 Hilfswerk- 20
- Maria 47226 Friedrich-Ebert- 84
- Thomas 47138 Niebuhr- 62b
- Ute 47166 Gottlieb- 66
- Wolfgang 47226 Emil-Bosbach- 4
Schroden Egon 47167 Max-Planck- 10
- Erika 47167 Max-Planck- 10
- Margarete 47259 Am Finkenacker 56
- Michael 47167 Karl-Morian- 7
- Susanne 47167 Karl-Morian- 7
Schrodt Heinrich
47055 Düsseldorfer- 510
- Maria 47055 Düsseldorfer- 510
Schröck Claudia 47179 Prinzen- 39
- Doris 47178 Watereck- 32
- Peter 47179 Prinzen- 39
Schröck-Vieter Helga
47055 Wanheimer- 381
Schröder Adelheid 47055 Adler- 7
- Adelheid 47053 Gitschiner- 45
- Adelheid 47198 Johannis- 21
- Albert 47226 Gerhart-Hauptmann- 17
- Albert 47178 Krummer Weg 41
- Alexander 47249 Gustavsburger- 27
- Alfred 47058 Carl-Schurz- 6
Schroeder Alfred 47055 Gärtner- 11
Schröder Andre 47137 Mühlen- 47
- Andreas 47138 Emmericher- 280
- Andreas 47057 Gauß- 6
- Andreas 47119 Jahn- 22
Schroeder Andrea
47058 Schweizer- 9
Schröder Angela
47137 Unter den Ulmen 114
- Angela 47178 Goerdeler- 11
- Angela 47279 Kurt-Heintze- 46
- Angelika
47279 Am Rahmer Bach 50a
- Anita 47058 Königsberger Allee 54
- Anita 47059 Scheiben- 16
- Anita 47139 Tonderner- 15
- Anja 47279 Märchenweg 1
- Anja 47055 Gneisenau- 227
- Anja 47259 Sandmüllersweg 56
- Anna 47051 Schwarzenberger- 8
- Anna 47058 Steinmetz- 13
- Anna 47053 Düsseldorfer- 289
- Anna 47226 Friedrich-Ebert- 123
- Anna 47139 Magdalenen- 6
- Anna 47119 Schifferheim- 7
- Anna-Maria 47228 Feld- 21
- Anne 47058 Prinzen- 132
- Anneliese 47051 Kardinal-Galen- 66
- Anneliese 47051 Bohnengasse 1a
- Annette 47055 Buchholz- 23
Schroeder Anneliese
47057 Klöckner- 119
Schröder Anneliese 47169 Märker- 24
Schroeder Annemarie
47228 Lerchenweg 59
- Annemarie 47057 Neudorfer- 58
- Annemarie 47057 Bürger- 10
- Annette 47179 Schaffer- 13
- Antje 47249 Innsbrucker Allee 37
- August 47198 Otto- 54
Schroeder Auguste
47137 Im Neuenkamp 45
Schröder Axel
47055 Düsseldorfer- 446
- Axel 47055 Düsseldorfer- 529
- Axel 47051 Heuser- 11
Schroeder Bärbel
47198 Margarethen- 75
Schröder Barbara 47279 Behring- 35
- Barbara 47051 Lerchen- 60
- Bernadette 47055 Stern- 49
Schroeder Bernd 47178 Goerdeler- 19
Schröder Bernd 47199 Kant- 4
- Bernd 47137 Steinenkamp 41
- Bernd 47259 Tonderner- 15
- Bernhard 47178 Goch- 34
- Berta 47178 Marienburger- 6
- Bianca 47169 Jupiter- 61
- Birgit 47249 Efeu- 16
- Birgit 47178 Hoch- 80
- Birgit 47053 St.Johann- 24
- Brigitte 47249 Düsseldorfer Land- 27
- Brigitte 47137 Eckershorst 9
- Brigitte 47119 Eisenbahn- 18
- Brigitte 47059 Kalkweg 41
- Brigitte 47051 Kölner- 53
- Brigitte 47119 Neumarkt 12
- Britta 47059 Fahrn- 56
- Britta 47053 Osteroder- 75
- Brunhilde 47055 Marlenen- 53
- Burkhard 47228 Friemersheimer- 1
- Burkhard 47139 Lohegger- 37
- Carsten 47249 Wedauer- 192
- Charlotte 47169 Wolf- 31
- Charlotte 47279 Lerchen- 3
- Charlotte 47259 Kaiser- 9
- Christa 47198 Bahnhof- 11
- Christa 47053 Gleiwitzer- 15
- Christa 47138 Emmericher- 280
- Christa 47259 Schweizer- 15
Schroeder Christian 47057 Hammer- 6
Schröder Christian 47169 Henrietten- 1
- Christian 47178 Oswald- 54
- Christian 47055 Zum Lith 92
- Christiane 47239 Pichbolt- 29
- Christina 47055 Flieder- 12
- Christina 47228 Jaeger- 15
- Christine 47228 Jäger- 43
- Christine 47259 Paradies- 36
- Christoph 47239 Flutweg 30
- Claudia 47055 Meisen- 8
- Claudia 47059 Klever- 40
- Claudia 47055 Nikolai- 77
- Claudia 47259 Zwickauer- 26
- Conrad 47058 Lambertus- 6
- Corinne 47057 Sternbuschweg 260
- Cornelia 47119 Schiff- 56
- Daniela 47058 Ruhrorter- 150
- Daniela 47051 Main- 61
- Daniela 47137 Schmidt- 22
- Danny 47051 Heiner- 63
- Dieter 47166 Gottlieb- 60
- Dieter 47198 Grafschafter- 101
Schroeder Detlef 47055 Schmiede- 19a
- Detlef 47279 Finkenschlag 30
Einwohner Namen - Teil
A-DU	Firmen, Gewerbebetriebe usw. nach Namen - siehe gelber Teil
